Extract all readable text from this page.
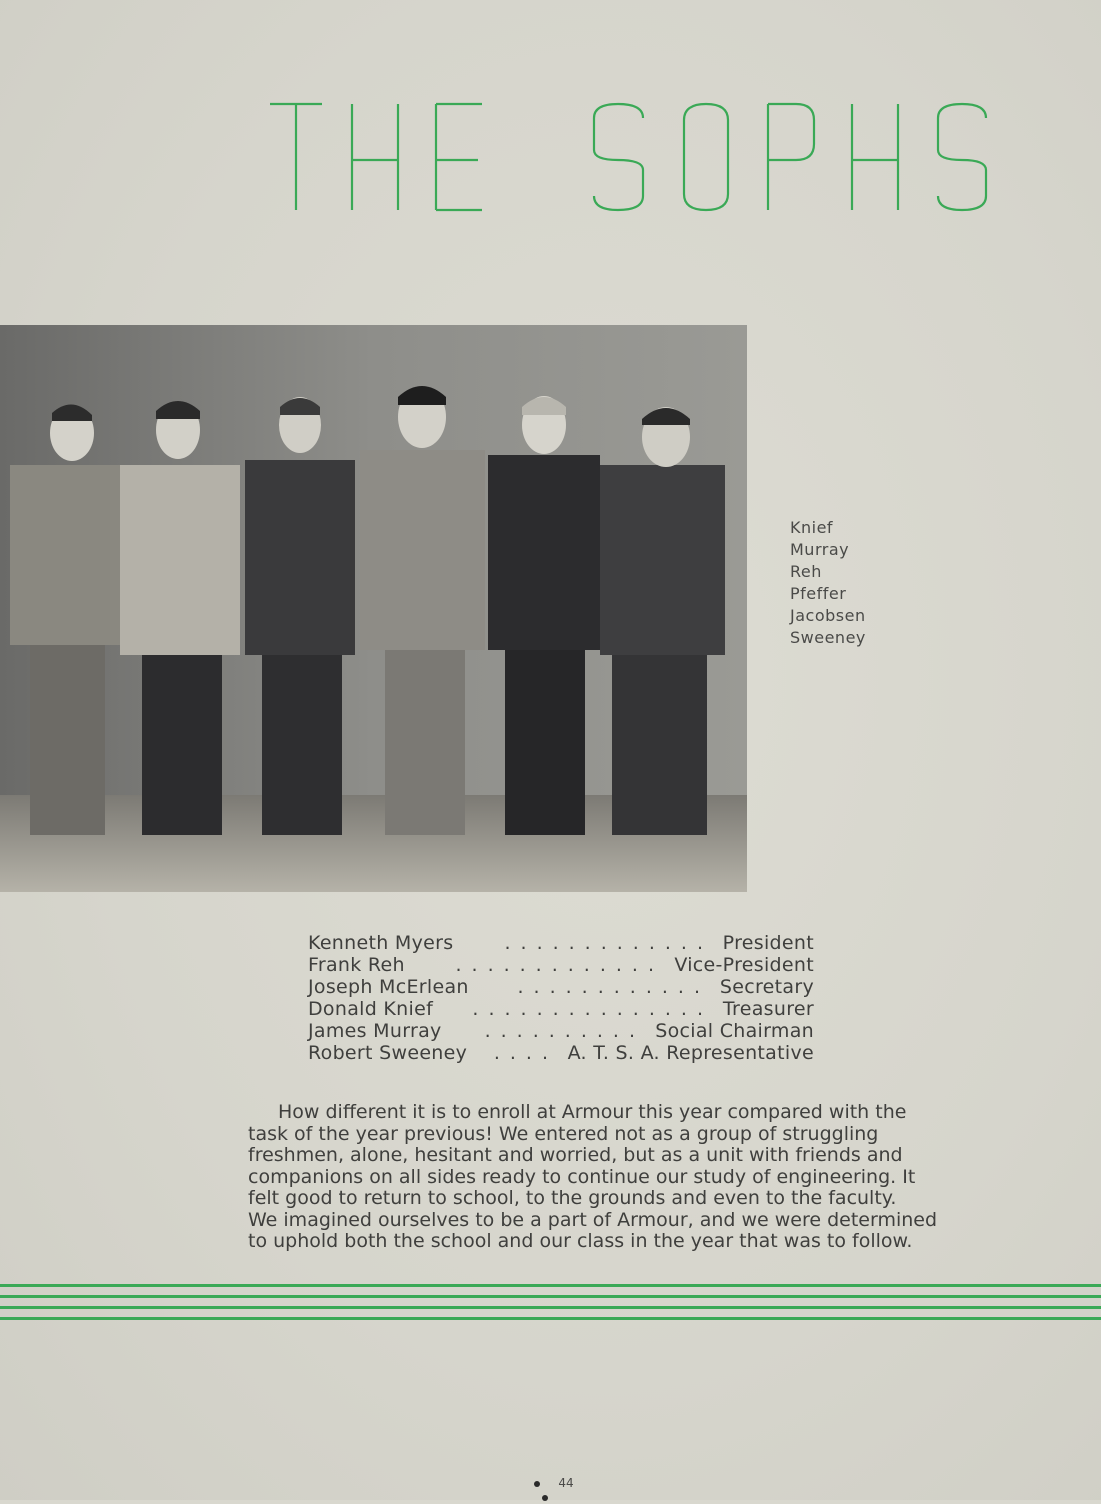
Knief
Murray
Reh
Pfeffer
Jacobsen
Sweeney
Kenneth Myers	President
.............
Frank Reh	Vice-President
.............
Joseph McErlean	Secretary
............
Donald Knief	Treasurer
...............
James Murray	Social Chairman
..........
Robert Sweeney	A. T. S. A. Representative
....
How different it is to enroll at Armour this year compared with the
task of the year previous! We entered not as a group of struggling
freshmen, alone, hesitant and worried, but as a unit with friends and
companions on all sides ready to continue our study of engineering. It
felt good to return to school, to the grounds and even to the faculty.
We imagined ourselves to be a part of Armour, and we were determined
to uphold both the school and our class in the year that was to follow.
44
